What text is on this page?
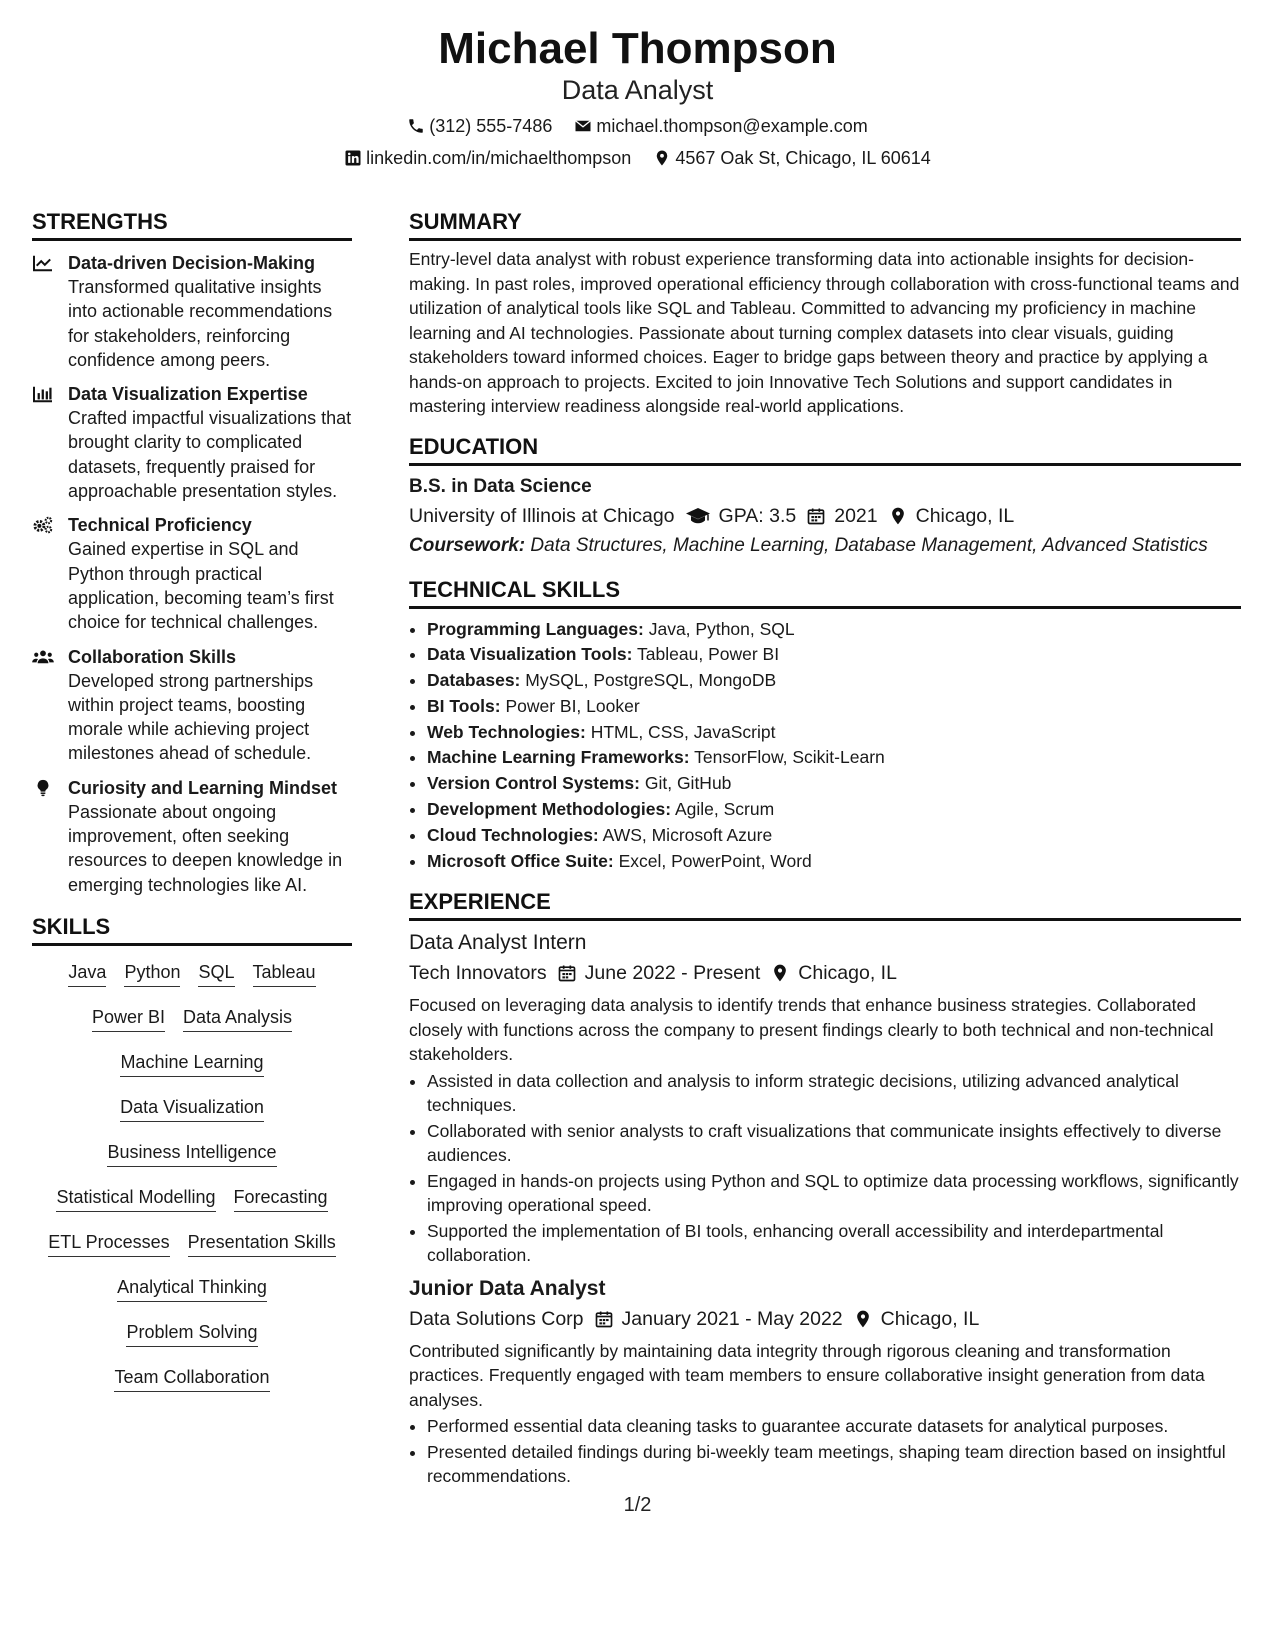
Michael Thompson
Data Analyst
(312) 555-7486 michael.thompson@example.com
linkedin.com/in/michaelthompson 4567 Oak St, Chicago, IL 60614
STRENGTHS
Data-driven Decision-Making
Transformed qualitative insights into actionable recommendations for stakeholders, reinforcing confidence among peers.
Data Visualization Expertise
Crafted impactful visualizations that brought clarity to complicated datasets, frequently praised for approachable presentation styles.
Technical Proficiency
Gained expertise in SQL and Python through practical application, becoming team’s first choice for technical challenges.
Collaboration Skills
Developed strong partnerships within project teams, boosting morale while achieving project milestones ahead of schedule.
Curiosity and Learning Mindset
Passionate about ongoing improvement, often seeking resources to deepen knowledge in emerging technologies like AI.
SKILLS
Java Python SQL Tableau
Power BI Data Analysis
Machine Learning
Data Visualization
Business Intelligence
Statistical Modelling Forecasting
ETL Processes Presentation Skills
Analytical Thinking
Problem Solving
Team Collaboration
SUMMARY
Entry-level data analyst with robust experience transforming data into actionable insights for decision-making. In past roles, improved operational efficiency through collaboration with cross-functional teams and utilization of analytical tools like SQL and Tableau. Committed to advancing my proficiency in machine learning and AI technologies. Passionate about turning complex datasets into clear visuals, guiding stakeholders toward informed choices. Eager to bridge gaps between theory and practice by applying a hands-on approach to projects. Excited to join Innovative Tech Solutions and support candidates in mastering interview readiness alongside real-world applications.
EDUCATION
B.S. in Data Science
University of Illinois at Chicago GPA: 3.5 2021 Chicago, IL
Coursework: Data Structures, Machine Learning, Database Management, Advanced Statistics
TECHNICAL SKILLS
• Programming Languages: Java, Python, SQL
• Data Visualization Tools: Tableau, Power BI
• Databases: MySQL, PostgreSQL, MongoDB
• BI Tools: Power BI, Looker
• Web Technologies: HTML, CSS, JavaScript
• Machine Learning Frameworks: TensorFlow, Scikit-Learn
• Version Control Systems: Git, GitHub
• Development Methodologies: Agile, Scrum
• Cloud Technologies: AWS, Microsoft Azure
• Microsoft Office Suite: Excel, PowerPoint, Word
EXPERIENCE
Data Analyst Intern
Tech Innovators June 2022 - Present Chicago, IL
Focused on leveraging data analysis to identify trends that enhance business strategies. Collaborated closely with functions across the company to present findings clearly to both technical and non-technical stakeholders.
• Assisted in data collection and analysis to inform strategic decisions, utilizing advanced analytical techniques.
• Collaborated with senior analysts to craft visualizations that communicate insights effectively to diverse audiences.
• Engaged in hands-on projects using Python and SQL to optimize data processing workflows, significantly improving operational speed.
• Supported the implementation of BI tools, enhancing overall accessibility and interdepartmental collaboration.
Junior Data Analyst
Data Solutions Corp January 2021 - May 2022 Chicago, IL
Contributed significantly by maintaining data integrity through rigorous cleaning and transformation practices. Frequently engaged with team members to ensure collaborative insight generation from data analyses.
• Performed essential data cleaning tasks to guarantee accurate datasets for analytical purposes.
• Presented detailed findings during bi-weekly team meetings, shaping team direction based on insightful recommendations.
1/2
